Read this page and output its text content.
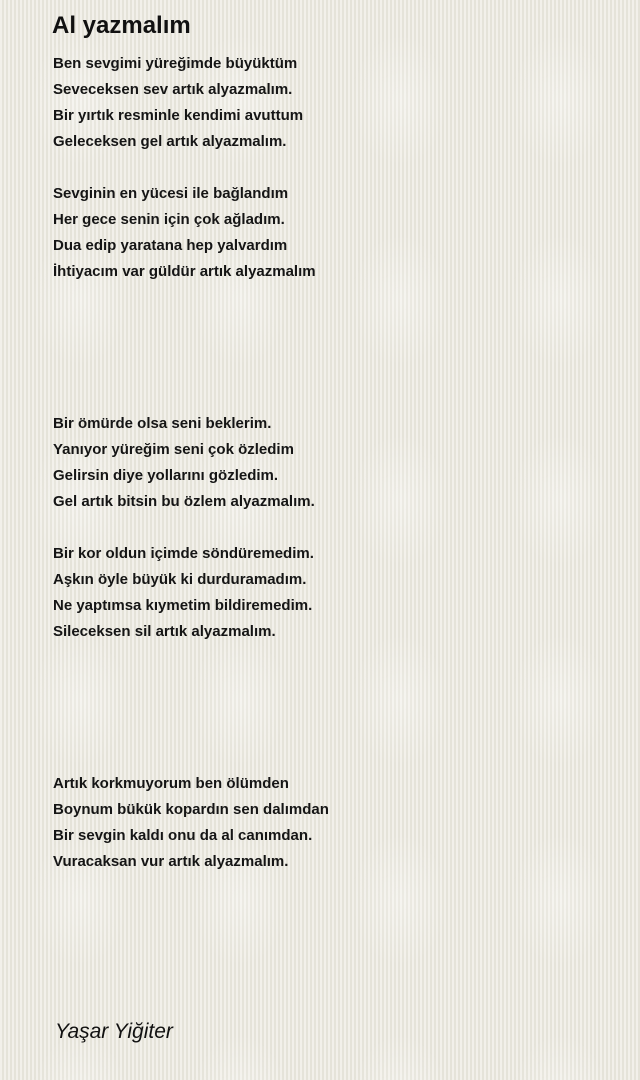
Al yazmalım
Ben sevgimi yüreğimde büyüktüm
Seveceksen sev artık alyazmalım.
Bir yırtık resminle kendimi avuttum
Geleceksen gel artık alyazmalım.
Sevginin en yücesi ile bağlandım
Her gece senin için çok ağladım.
Dua edip yaratana hep yalvardım
İhtiyacım var güldür artık alyazmalım
Bir ömürde olsa seni beklerim.
Yanıyor yüreğim seni çok özledim
Gelirsin diye yollarını gözledim.
Gel artık bitsin bu özlem alyazmalım.
Bir kor oldun içimde söndüremedim.
Aşkın öyle büyük ki durduramadım.
Ne yaptımsa kıymetim bildiremedim.
Sileceksen sil artık alyazmalım.
Artık korkmuyorum ben ölümden
Boynum bükük kopardın sen dalımdan
Bir sevgin kaldı onu da al canımdan.
Vuracaksan vur artık alyazmalım.
Yaşar Yiğiter
